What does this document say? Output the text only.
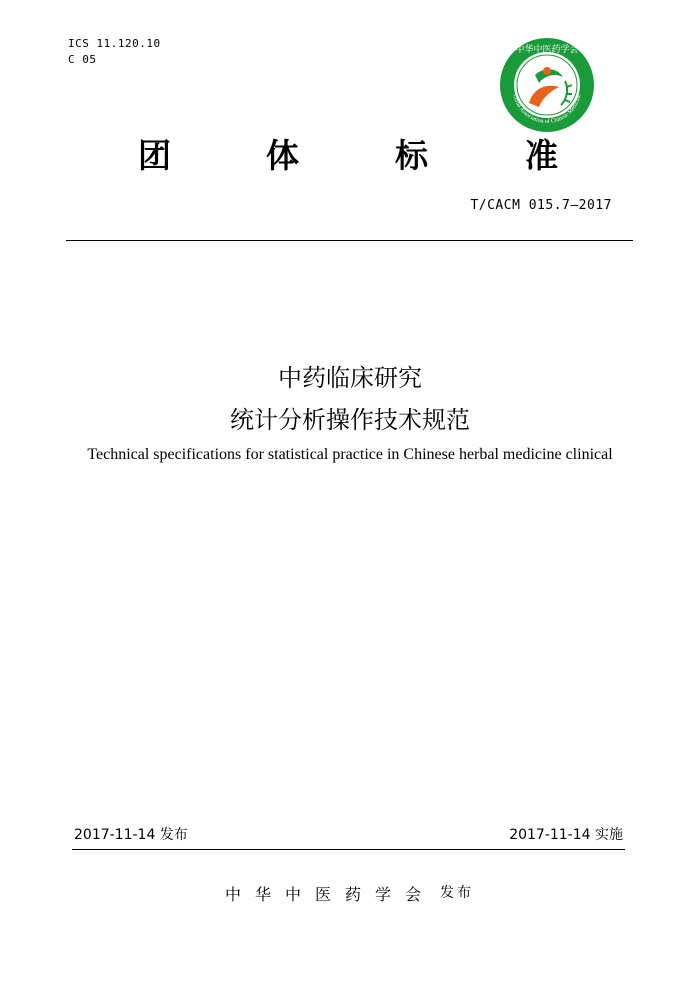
ICS 11.120.10
C 05
中华中医药学会
China Association of Chinese Medicine
团	体	标	准
T/CACM 015.7—2017
中药临床研究
统计分析操作技术规范
Technical specifications for statistical practice in Chinese herbal medicine clinical
2017-11-14 发布	2017-11-14 实施
中华中医药学会 发布
